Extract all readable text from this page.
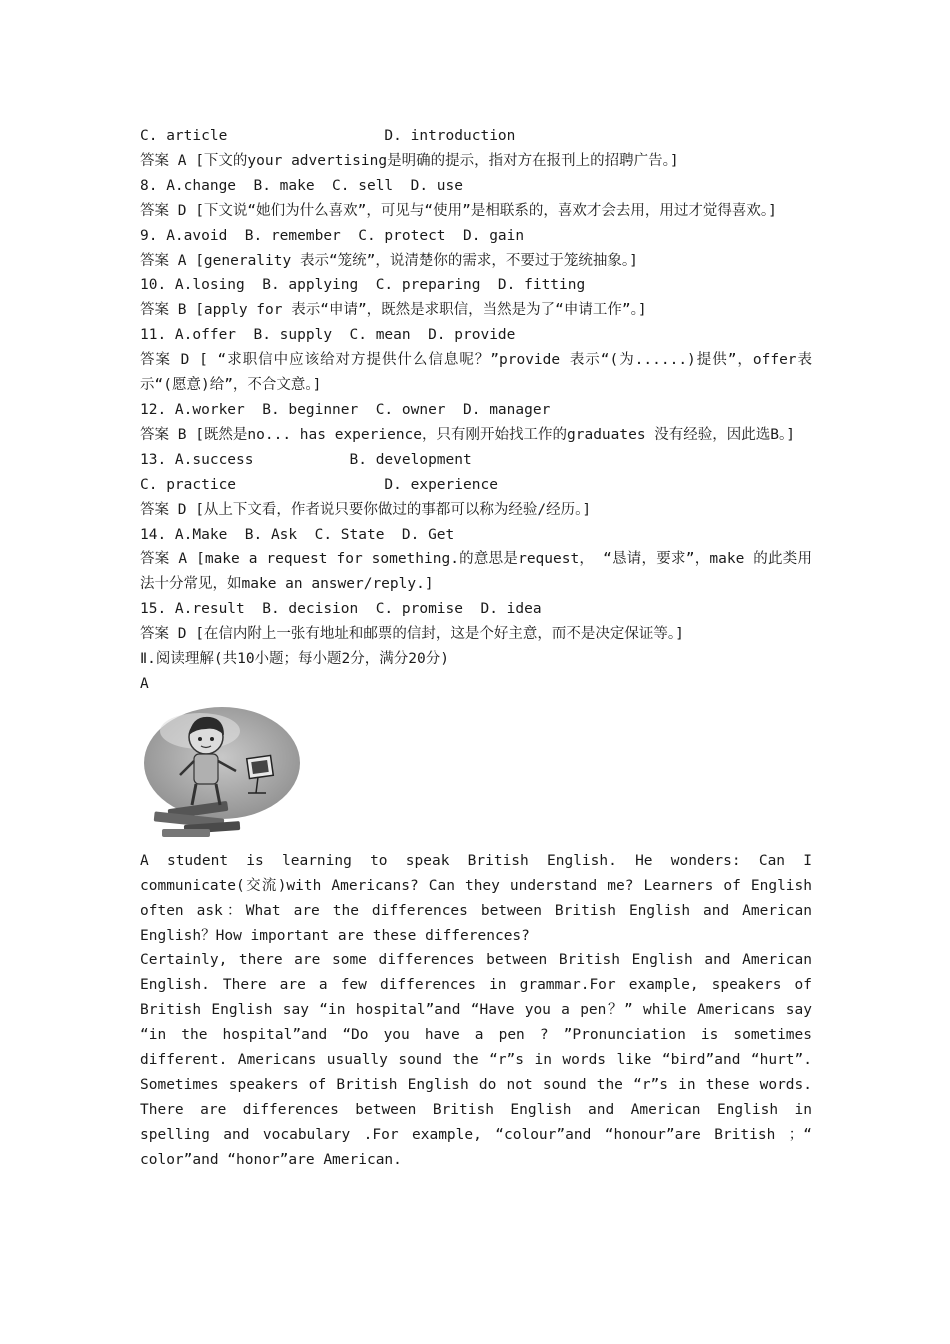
C. article                  D. introduction
答案 A [下文的your advertising是明确的提示，指对方在报刊上的招聘广告。]
8. A.change  B. make  C. sell  D. use
答案 D [下文说“她们为什么喜欢”，可见与“使用”是相联系的，喜欢才会去用，用过才觉得喜欢。]
9. A.avoid  B. remember  C. protect  D. gain
答案 A [generality 表示“笼统”，说清楚你的需求，不要过于笼统抽象。]
10. A.losing  B. applying  C. preparing  D. fitting
答案 B [apply for 表示“申请”，既然是求职信，当然是为了“申请工作”。]
11. A.offer  B. supply  C. mean  D. provide
答案 D [ “求职信中应该给对方提供什么信息呢？”provide 表示“(为......)提供”，offer表示“(愿意)给”，不合文意。]
12. A.worker  B. beginner  C. owner  D. manager
答案 B [既然是no... has experience，只有刚开始找工作的graduates 没有经验，因此选B。]
13. A.success           B. development
C. practice                 D. experience
答案 D [从上下文看，作者说只要你做过的事都可以称为经验/经历。]
14. A.Make  B. Ask  C. State  D. Get
答案 A [make a request for something.的意思是request， “恳请，要求”，make 的此类用法十分常见，如make an answer/reply.]
15. A.result  B. decision  C. promise  D. idea
答案 D [在信内附上一张有地址和邮票的信封，这是个好主意，而不是决定保证等。]
Ⅱ.阅读理解(共10小题；每小题2分，满分20分)
A
A student is learning to speak British English. He wonders: Can I communicate(交流)with Americans? Can they understand me? Learners of English often ask：What are the differences between British English and American English？How important are these differences?
Certainly, there are some differences between British English and American English. There are a few differences in grammar.For example, speakers of British English say “in hospital”and “Have you a pen？” while Americans say “in the hospital”and “Do you have a pen ? ”Pronunciation is sometimes different. Americans usually sound the “r”s in words like “bird”and “hurt”. Sometimes speakers of British English do not sound the “r”s in these words. There are differences between British English and American English in spelling and vocabulary .For example, “colour”and “honour”are British ；“ color”and “honor”are American.
